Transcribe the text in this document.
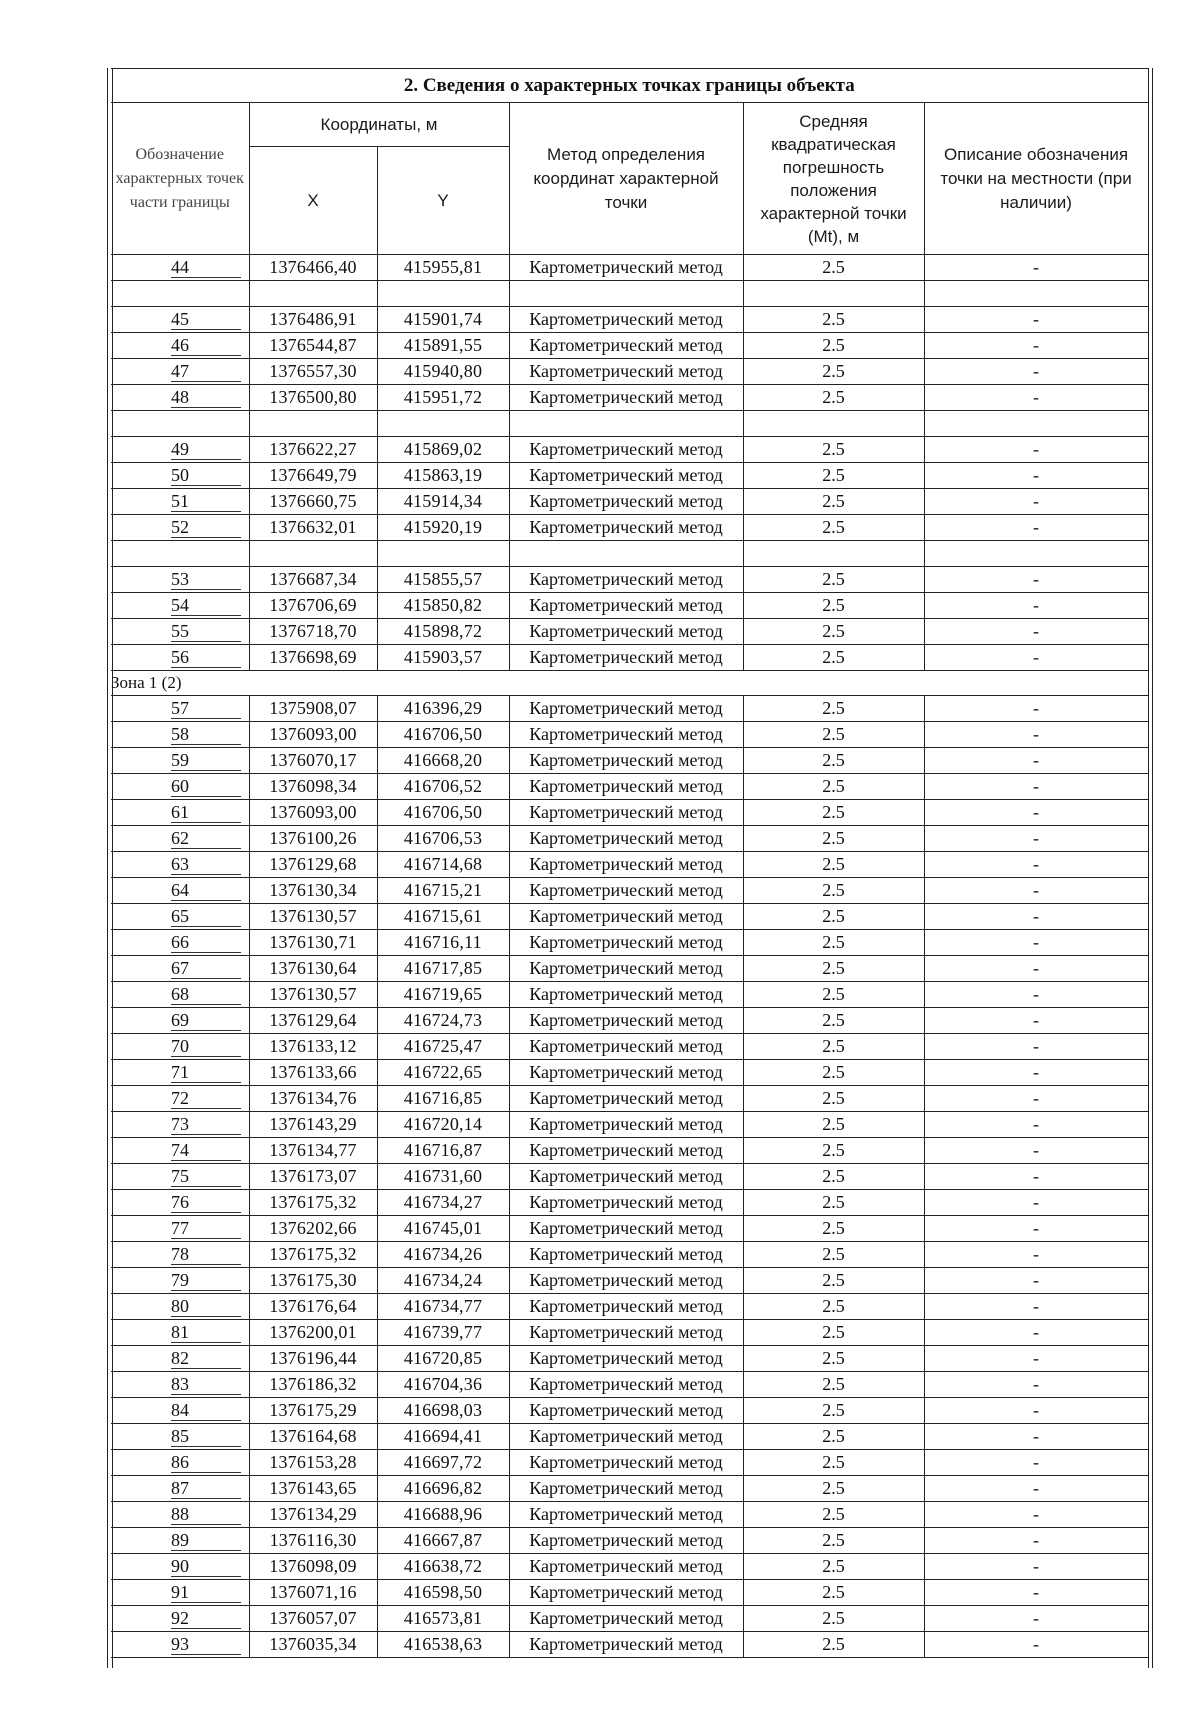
2. Сведения о характерных точках границы объекта					
Обозначение характерных точек части границы	Координаты, м		Метод определения координат характерной точки	Средняя квадратическая погрешность положения характерной точки (Mt), м	Описание обозначения точки на местности (при наличии)
	X	Y			
44	1376466,40	415955,81	Картометрический метод	2.5	-

45	1376486,91	415901,74	Картометрический метод	2.5	-
46	1376544,87	415891,55	Картометрический метод	2.5	-
47	1376557,30	415940,80	Картометрический метод	2.5	-
48	1376500,80	415951,72	Картометрический метод	2.5	-

49	1376622,27	415869,02	Картометрический метод	2.5	-
50	1376649,79	415863,19	Картометрический метод	2.5	-
51	1376660,75	415914,34	Картометрический метод	2.5	-
52	1376632,01	415920,19	Картометрический метод	2.5	-

53	1376687,34	415855,57	Картометрический метод	2.5	-
54	1376706,69	415850,82	Картометрический метод	2.5	-
55	1376718,70	415898,72	Картометрический метод	2.5	-
56	1376698,69	415903,57	Картометрический метод	2.5	-
Зона 1 (2)					
57	1375908,07	416396,29	Картометрический метод	2.5	-
58	1376093,00	416706,50	Картометрический метод	2.5	-
59	1376070,17	416668,20	Картометрический метод	2.5	-
60	1376098,34	416706,52	Картометрический метод	2.5	-
61	1376093,00	416706,50	Картометрический метод	2.5	-
62	1376100,26	416706,53	Картометрический метод	2.5	-
63	1376129,68	416714,68	Картометрический метод	2.5	-
64	1376130,34	416715,21	Картометрический метод	2.5	-
65	1376130,57	416715,61	Картометрический метод	2.5	-
66	1376130,71	416716,11	Картометрический метод	2.5	-
67	1376130,64	416717,85	Картометрический метод	2.5	-
68	1376130,57	416719,65	Картометрический метод	2.5	-
69	1376129,64	416724,73	Картометрический метод	2.5	-
70	1376133,12	416725,47	Картометрический метод	2.5	-
71	1376133,66	416722,65	Картометрический метод	2.5	-
72	1376134,76	416716,85	Картометрический метод	2.5	-
73	1376143,29	416720,14	Картометрический метод	2.5	-
74	1376134,77	416716,87	Картометрический метод	2.5	-
75	1376173,07	416731,60	Картометрический метод	2.5	-
76	1376175,32	416734,27	Картометрический метод	2.5	-
77	1376202,66	416745,01	Картометрический метод	2.5	-
78	1376175,32	416734,26	Картометрический метод	2.5	-
79	1376175,30	416734,24	Картометрический метод	2.5	-
80	1376176,64	416734,77	Картометрический метод	2.5	-
81	1376200,01	416739,77	Картометрический метод	2.5	-
82	1376196,44	416720,85	Картометрический метод	2.5	-
83	1376186,32	416704,36	Картометрический метод	2.5	-
84	1376175,29	416698,03	Картометрический метод	2.5	-
85	1376164,68	416694,41	Картометрический метод	2.5	-
86	1376153,28	416697,72	Картометрический метод	2.5	-
87	1376143,65	416696,82	Картометрический метод	2.5	-
88	1376134,29	416688,96	Картометрический метод	2.5	-
89	1376116,30	416667,87	Картометрический метод	2.5	-
90	1376098,09	416638,72	Картометрический метод	2.5	-
91	1376071,16	416598,50	Картометрический метод	2.5	-
92	1376057,07	416573,81	Картометрический метод	2.5	-
93	1376035,34	416538,63	Картометрический метод	2.5	-
